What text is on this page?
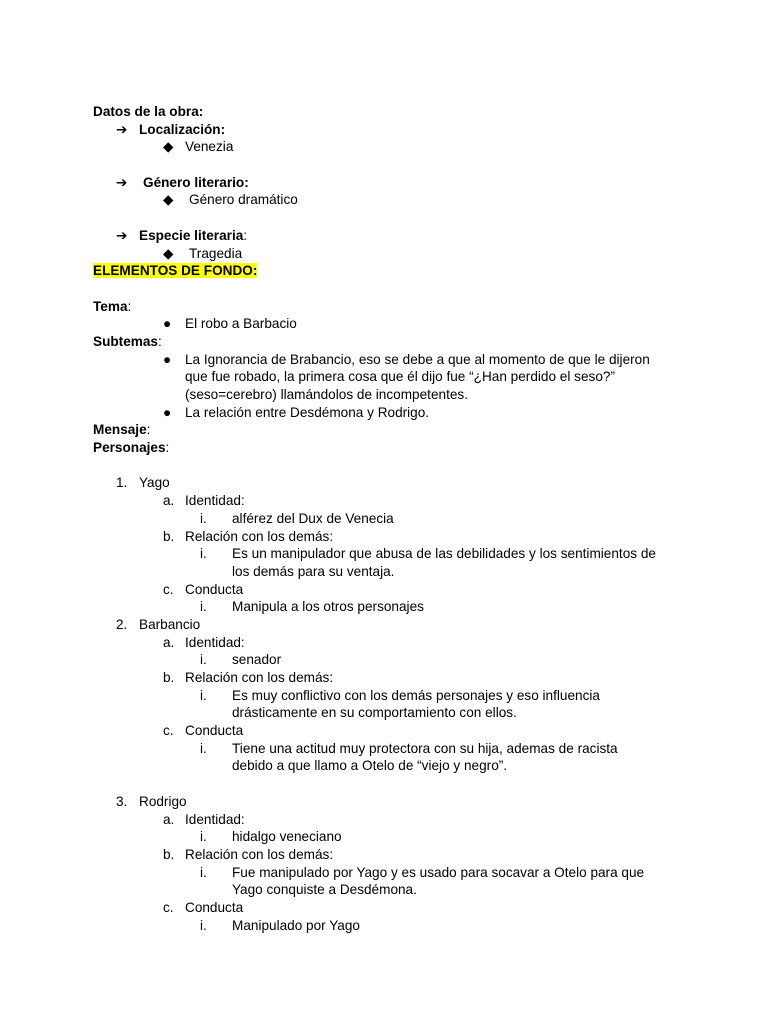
Datos de la obra:
➔ Localización:
◆ Venezia
➔ Género literario:
◆ Género dramático
➔ Especie literaria:
◆ Tragedia
ELEMENTOS DE FONDO:
Tema:
● El robo a Barbacio
Subtemas:
● La Ignorancia de Brabancio, eso se debe a que al momento de que le dijeron
que fue robado, la primera cosa que él dijo fue “¿Han perdido el seso?”
(seso=cerebro) llamándolos de incompetentes.
● La relación entre Desdémona y Rodrigo.
Mensaje:
Personajes:
1. Yago
a. Identidad:
i. alférez del Dux de Venecia
b. Relación con los demás:
i. Es un manipulador que abusa de las debilidades y los sentimientos de
los demás para su ventaja.
c. Conducta
i. Manipula a los otros personajes
2. Barbancio
a. Identidad:
i. senador
b. Relación con los demás:
i. Es muy conflictivo con los demás personajes y eso influencia
drásticamente en su comportamiento con ellos.
c. Conducta
i. Tiene una actitud muy protectora con su hija, ademas de racista
debido a que llamo a Otelo de “viejo y negro”.
3. Rodrigo
a. Identidad:
i. hidalgo veneciano
b. Relación con los demás:
i. Fue manipulado por Yago y es usado para socavar a Otelo para que
Yago conquiste a Desdémona.
c. Conducta
i. Manipulado por Yago
